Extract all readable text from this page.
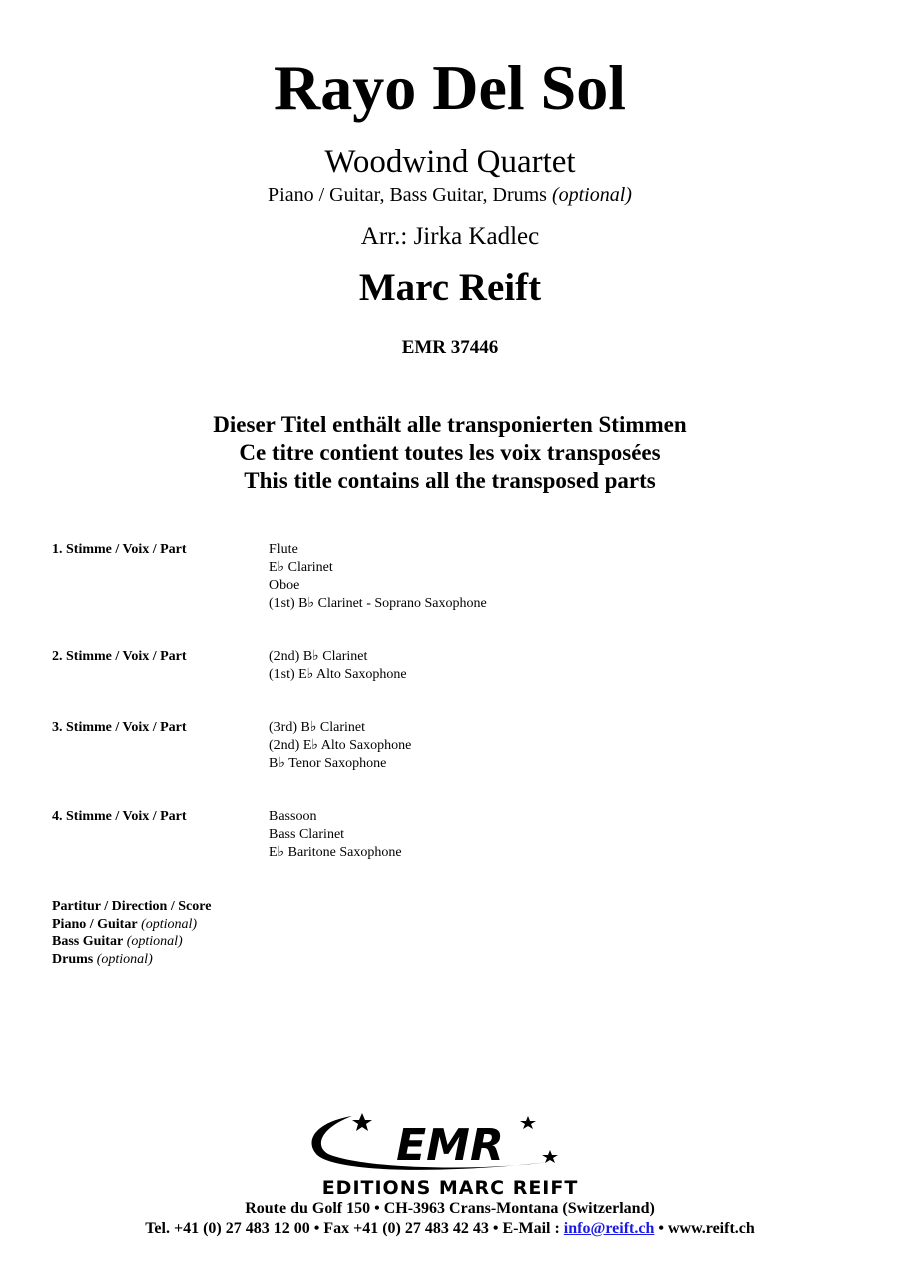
Rayo Del Sol
Woodwind Quartet
Piano / Guitar, Bass Guitar, Drums (optional)
Arr.: Jirka Kadlec
Marc Reift
EMR 37446
Dieser Titel enthält alle transponierten Stimmen
Ce titre contient toutes les voix transposées
This title contains all the transposed parts
1. Stimme / Voix / Part	Flute
E♭ Clarinet
Oboe
(1st) B♭ Clarinet - Soprano Saxophone
2. Stimme / Voix / Part	(2nd) B♭ Clarinet
(1st) E♭ Alto Saxophone
3. Stimme / Voix / Part	(3rd) B♭ Clarinet
(2nd) E♭ Alto Saxophone
B♭ Tenor Saxophone
4. Stimme / Voix / Part	Bassoon
Bass Clarinet
E♭ Baritone Saxophone
Partitur / Direction / Score
Piano / Guitar (optional)
Bass Guitar (optional)
Drums (optional)
EMR
EDITIONS MARC REIFT
Route du Golf 150 • CH-3963 Crans-Montana (Switzerland)
Tel. +41 (0) 27 483 12 00 • Fax +41 (0) 27 483 42 43 • E-Mail : info@reift.ch • www.reift.ch
